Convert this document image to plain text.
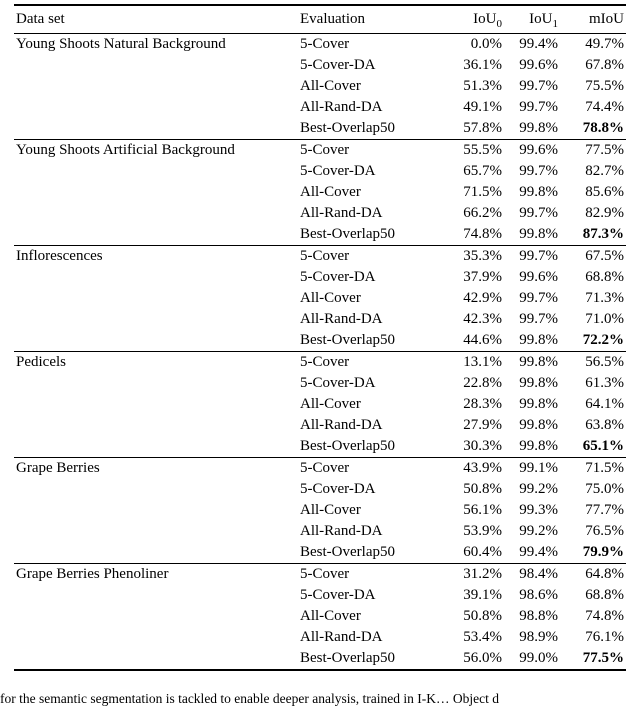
Data set	Evaluation	IoU$_0$	IoU$_1$	mIoU
Young Shoots Natural Background	5-Cover	0.0%	99.4%	49.7%
	5-Cover-DA	36.1%	99.6%	67.8%
	All-Cover	51.3%	99.7%	75.5%
	All-Rand-DA	49.1%	99.7%	74.4%
	Best-Overlap50	57.8%	99.8%	78.8%
Young Shoots Artificial Background	5-Cover	55.5%	99.6%	77.5%
	5-Cover-DA	65.7%	99.7%	82.7%
	All-Cover	71.5%	99.8%	85.6%
	All-Rand-DA	66.2%	99.7%	82.9%
	Best-Overlap50	74.8%	99.8%	87.3%
Inflorescences	5-Cover	35.3%	99.7%	67.5%
	5-Cover-DA	37.9%	99.6%	68.8%
	All-Cover	42.9%	99.7%	71.3%
	All-Rand-DA	42.3%	99.7%	71.0%
	Best-Overlap50	44.6%	99.8%	72.2%
Pedicels	5-Cover	13.1%	99.8%	56.5%
	5-Cover-DA	22.8%	99.8%	61.3%
	All-Cover	28.3%	99.8%	64.1%
	All-Rand-DA	27.9%	99.8%	63.8%
	Best-Overlap50	30.3%	99.8%	65.1%
Grape Berries	5-Cover	43.9%	99.1%	71.5%
	5-Cover-DA	50.8%	99.2%	75.0%
	All-Cover	56.1%	99.3%	77.7%
	All-Rand-DA	53.9%	99.2%	76.5%
	Best-Overlap50	60.4%	99.4%	79.9%
Grape Berries Phenoliner	5-Cover	31.2%	98.4%	64.8%
	5-Cover-DA	39.1%	98.6%	68.8%
	All-Cover	50.8%	98.8%	74.8%
	All-Rand-DA	53.4%	98.9%	76.1%
	Best-Overlap50	56.0%	99.0%	77.5%
for the semantic segmentation is tackled to enable deeper analysis, trained in I-K… Object d
